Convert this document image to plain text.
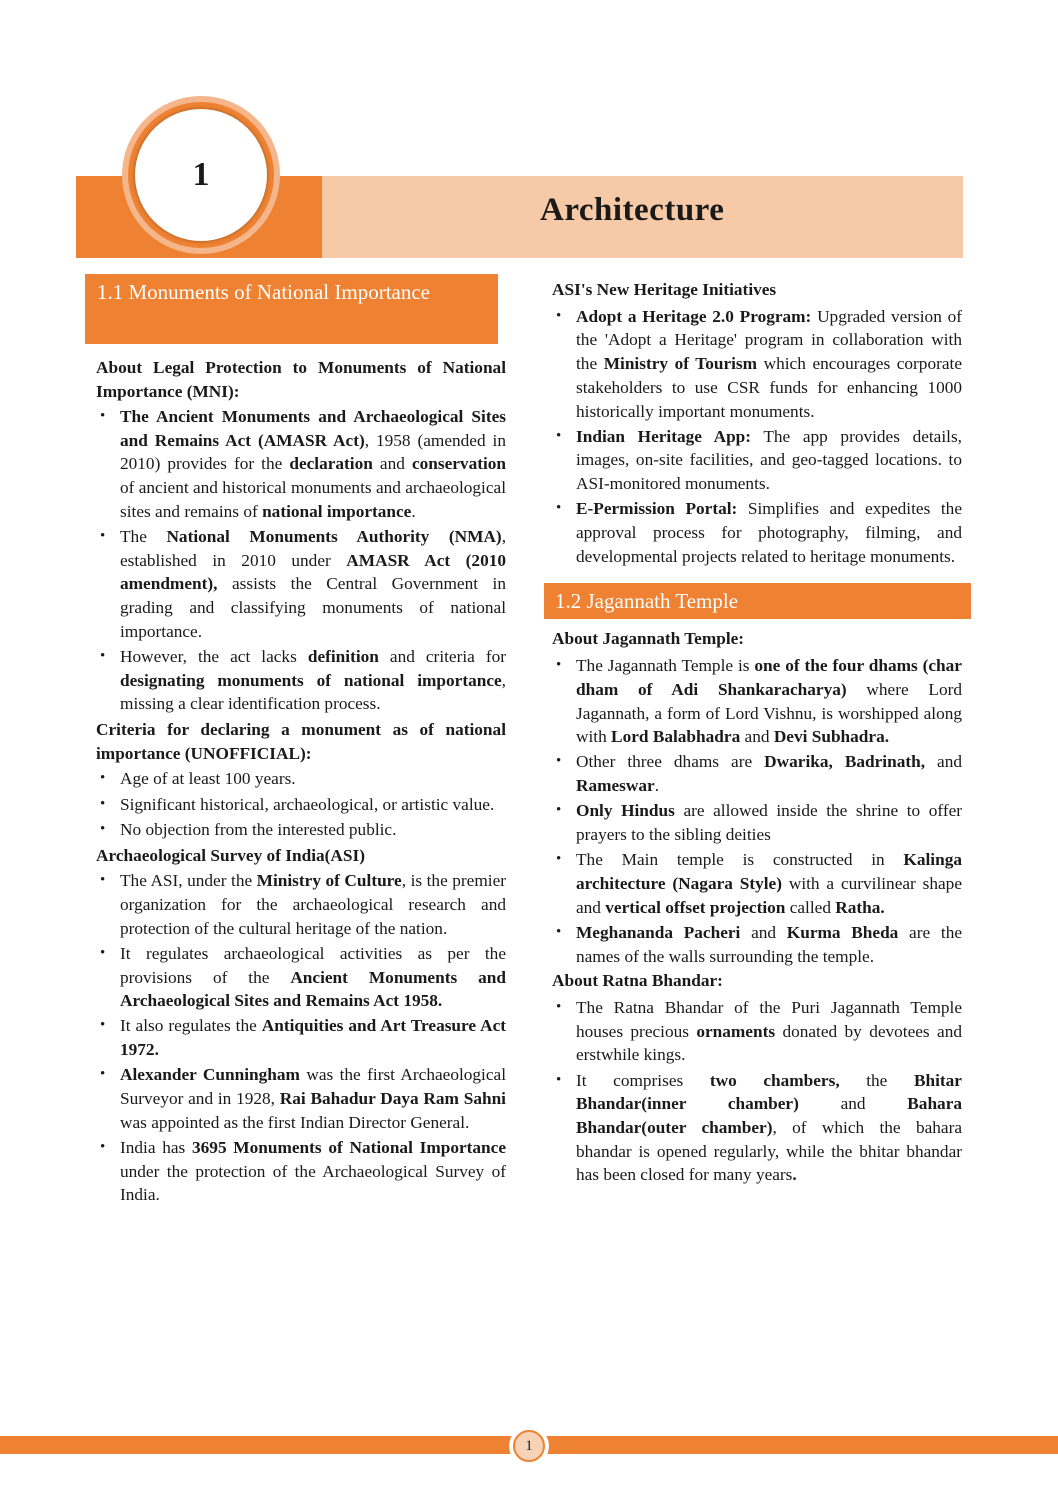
1
Architecture
1.1 Monuments of National Importance

About Legal Protection to Monuments of National Importance (MNI):

• The Ancient Monuments and Archaeological Sites and Remains Act (AMASR Act), 1958 (amended in 2010) provides for the declaration and conservation of ancient and historical monuments and archaeological sites and remains of national importance.
• The National Monuments Authority (NMA), established in 2010 under AMASR Act (2010 amendment), assists the Central Government in grading and classifying monuments of national importance.
• However, the act lacks definition and criteria for designating monuments of national importance, missing a clear identification process.

Criteria for declaring a monument as of national importance (UNOFFICIAL):

• Age of at least 100 years.
• Significant historical, archaeological, or artistic value.
• No objection from the interested public.

Archaeological Survey of India(ASI)

• The ASI, under the Ministry of Culture, is the premier organization for the archaeological research and protection of the cultural heritage of the nation.
• It regulates archaeological activities as per the provisions of the Ancient Monuments and Archaeological Sites and Remains Act 1958.
• It also regulates the Antiquities and Art Treasure Act 1972.
• Alexander Cunningham was the first Archaeological Surveyor and in 1928, Rai Bahadur Daya Ram Sahni was appointed as the first Indian Director General.
• India has 3695 Monuments of National Importance under the protection of the Archaeological Survey of India.

ASI's New Heritage Initiatives

• Adopt a Heritage 2.0 Program: Upgraded version of the 'Adopt a Heritage' program in collaboration with the Ministry of Tourism which encourages corporate stakeholders to use CSR funds for enhancing 1000 historically important monuments.
• Indian Heritage App: The app provides details, images, on-site facilities, and geo-tagged locations. to ASI-monitored monuments.
• E-Permission Portal: Simplifies and expedites the approval process for photography, filming, and developmental projects related to heritage monuments.
1.2 Jagannath Temple

About Jagannath Temple:

• The Jagannath Temple is one of the four dhams (char dham of Adi Shankaracharya) where Lord Jagannath, a form of Lord Vishnu, is worshipped along with Lord Balabhadra and Devi Subhadra.
• Other three dhams are Dwarika, Badrinath, and Rameswar.
• Only Hindus are allowed inside the shrine to offer prayers to the sibling deities
• The Main temple is constructed in Kalinga architecture (Nagara Style) with a curvilinear shape and vertical offset projection called Ratha.
• Meghananda Pacheri and Kurma Bheda are the names of the walls surrounding the temple.

About Ratna Bhandar:

• The Ratna Bhandar of the Puri Jagannath Temple houses precious ornaments donated by devotees and erstwhile kings.
• It comprises two chambers, the Bhitar Bhandar(inner chamber) and Bahara Bhandar(outer chamber), of which the bahara bhandar is opened regularly, while the bhitar bhandar has been closed for many years.
1
